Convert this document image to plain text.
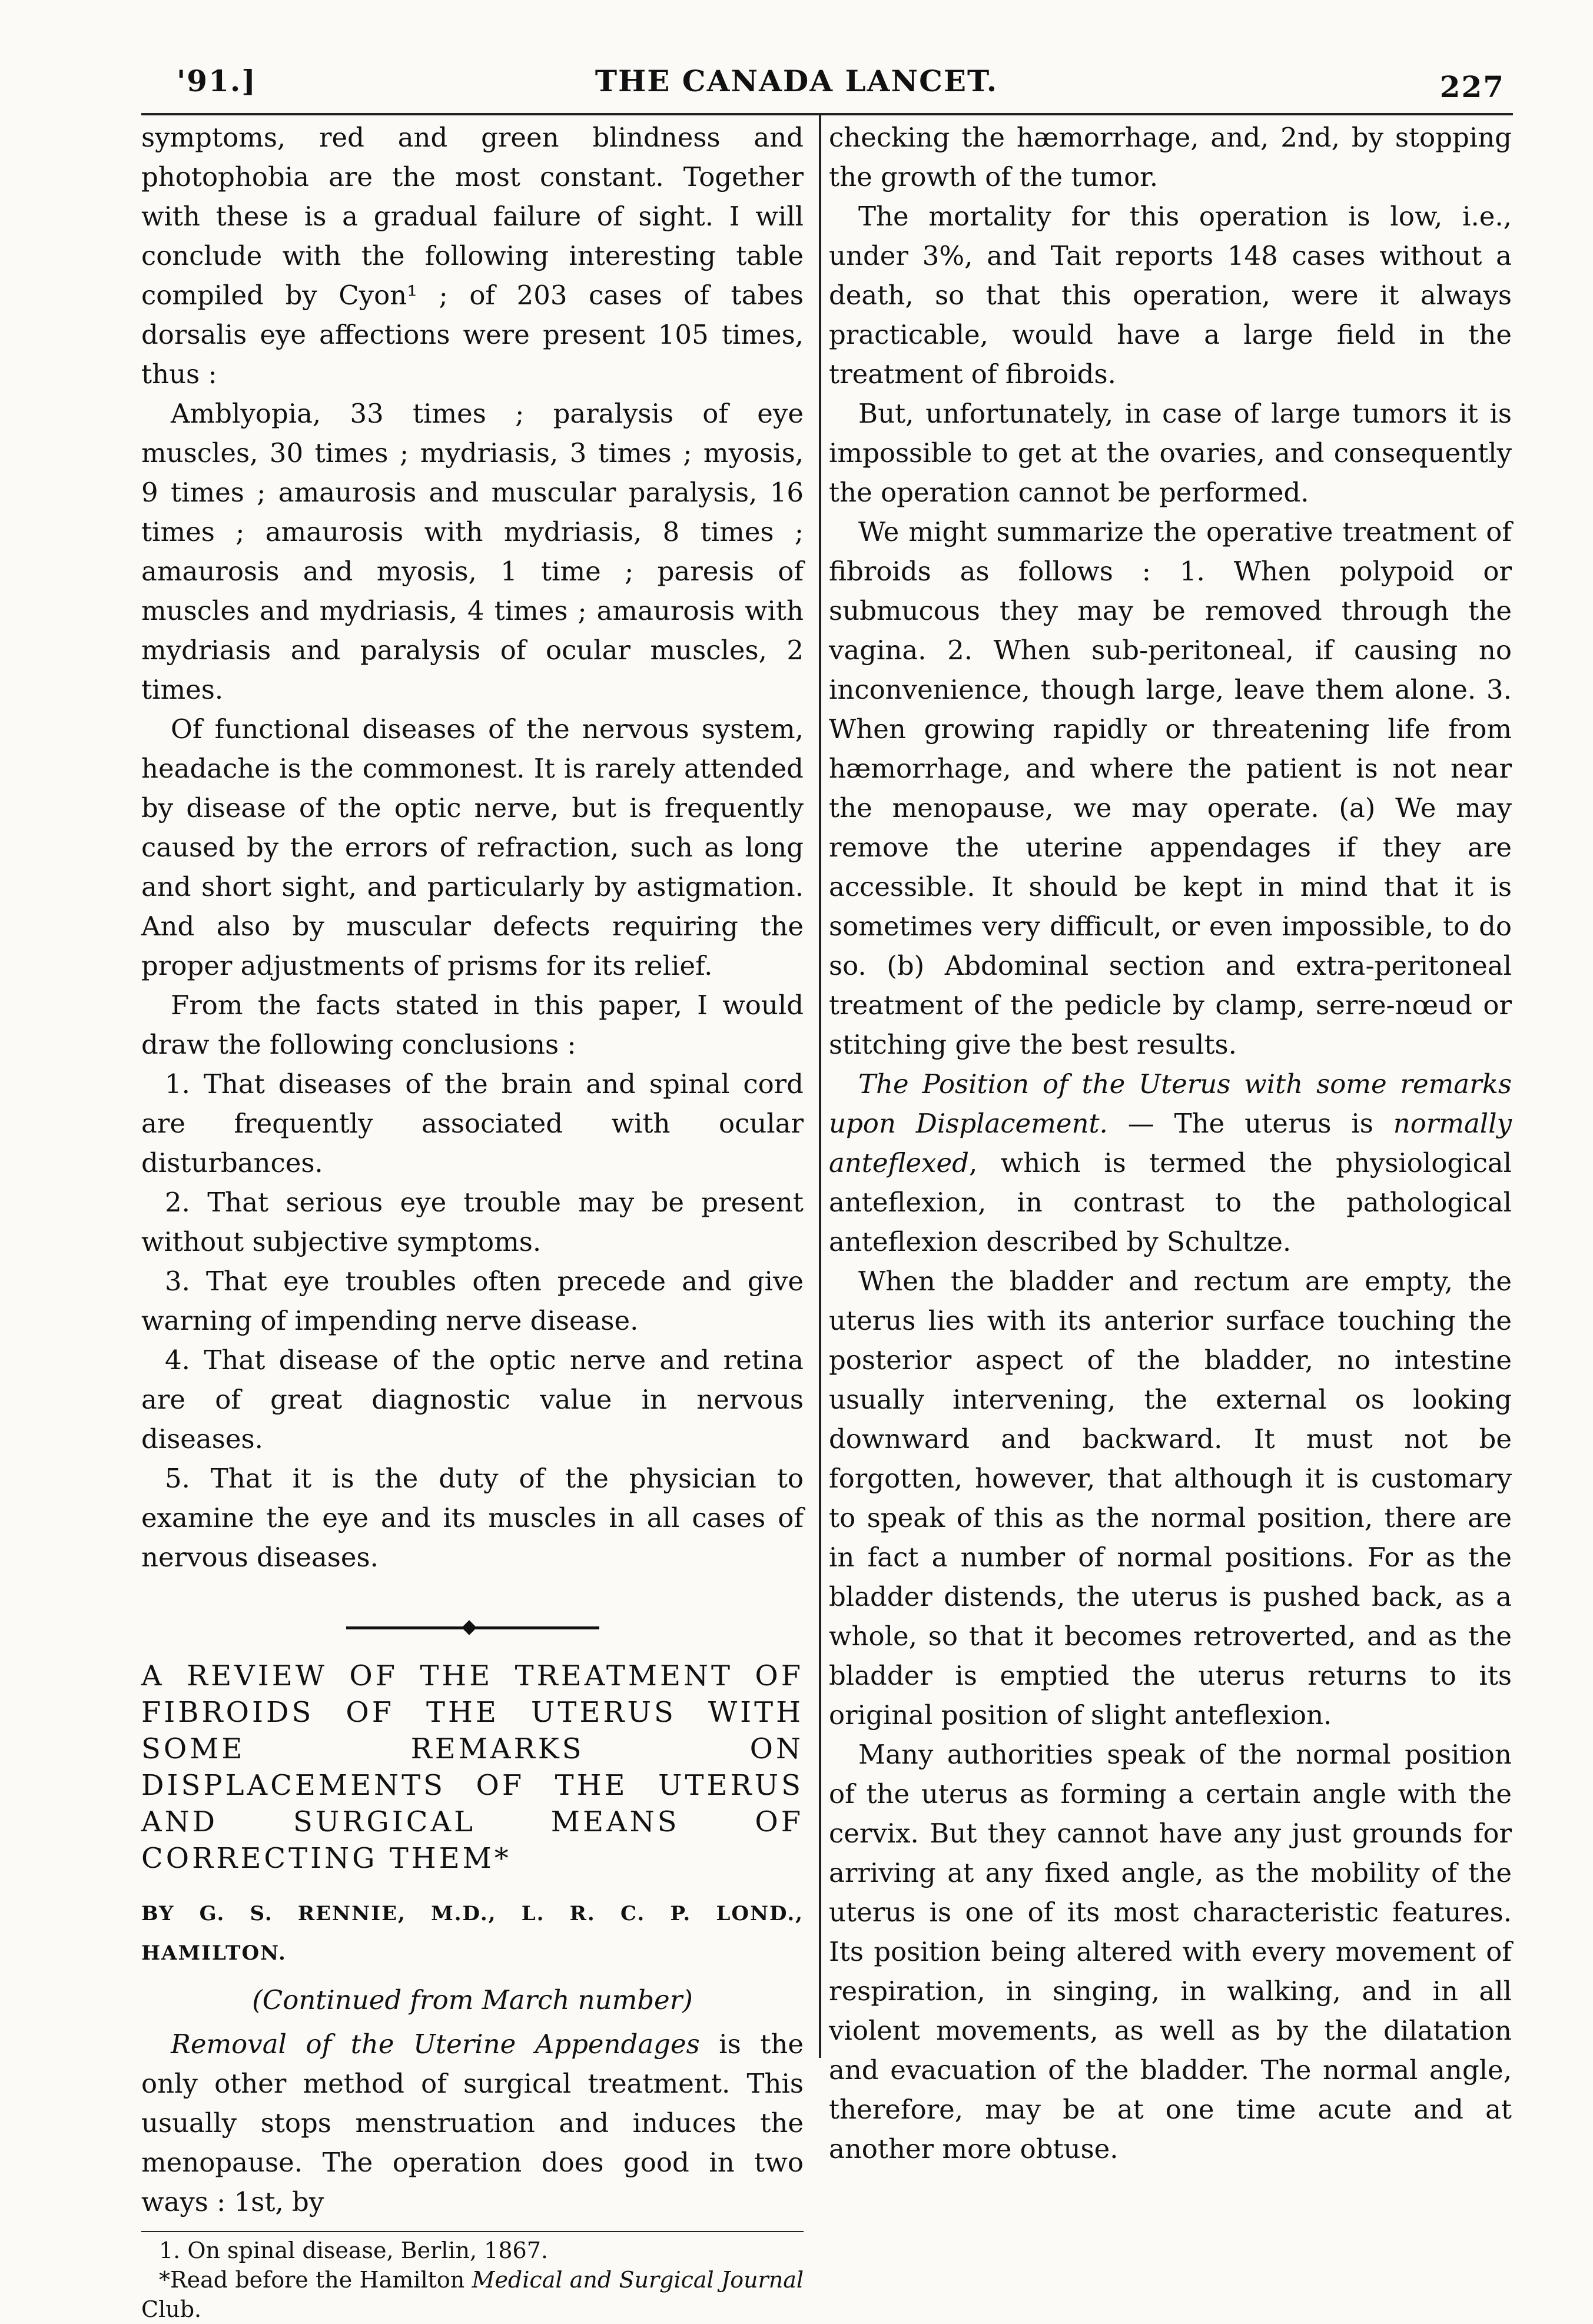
'91.]	THE CANADA LANCET.	227

symptoms, red and green blindness and photophobia are the most constant. Together with these is a gradual failure of sight. I will conclude with the following interesting table compiled by Cyon¹ ; of 203 cases of tabes dorsalis eye affections were present 105 times, thus :

Amblyopia, 33 times ; paralysis of eye muscles, 30 times ; mydriasis, 3 times ; myosis, 9 times ; amaurosis and muscular paralysis, 16 times ; amaurosis with mydriasis, 8 times ; amaurosis and myosis, 1 time ; paresis of muscles and mydriasis, 4 times ; amaurosis with mydriasis and paralysis of ocular muscles, 2 times.

Of functional diseases of the nervous system, headache is the commonest. It is rarely attended by disease of the optic nerve, but is frequently caused by the errors of refraction, such as long and short sight, and particularly by astigmation. And also by muscular defects requiring the proper adjustments of prisms for its relief.

From the facts stated in this paper, I would draw the following conclusions :

1. That diseases of the brain and spinal cord are frequently associated with ocular disturbances.

2. That serious eye trouble may be present without subjective symptoms.

3. That eye troubles often precede and give warning of impending nerve disease.

4. That disease of the optic nerve and retina are of great diagnostic value in nervous diseases.

5. That it is the duty of the physician to examine the eye and its muscles in all cases of nervous diseases.

A REVIEW OF THE TREATMENT OF FIBROIDS OF THE UTERUS WITH SOME REMARKS ON DISPLACEMENTS OF THE UTERUS AND SURGICAL MEANS OF CORRECTING THEM*

BY G. S. RENNIE, M.D., L. R. C. P. LOND., HAMILTON.

(Continued from March number)

Removal of the Uterine Appendages is the only other method of surgical treatment. This usually stops menstruation and induces the menopause. The operation does good in two ways : 1st, by

1. On spinal disease, Berlin, 1867.

*Read before the Hamilton Medical and Surgical Journal Club.

checking the hæmorrhage, and, 2nd, by stopping the growth of the tumor.

The mortality for this operation is low, i.e., under 3%, and Tait reports 148 cases without a death, so that this operation, were it always practicable, would have a large field in the treatment of fibroids.

But, unfortunately, in case of large tumors it is impossible to get at the ovaries, and consequently the operation cannot be performed.

We might summarize the operative treatment of fibroids as follows : 1. When polypoid or submucous they may be removed through the vagina. 2. When sub-peritoneal, if causing no inconvenience, though large, leave them alone. 3. When growing rapidly or threatening life from hæmorrhage, and where the patient is not near the menopause, we may operate. (a) We may remove the uterine appendages if they are accessible. It should be kept in mind that it is sometimes very difficult, or even impossible, to do so. (b) Abdominal section and extra-peritoneal treatment of the pedicle by clamp, serre-nœud or stitching give the best results.

The Position of the Uterus with some remarks upon Displacement. — The uterus is normally anteflexed, which is termed the physiological anteflexion, in contrast to the pathological anteflexion described by Schultze.

When the bladder and rectum are empty, the uterus lies with its anterior surface touching the posterior aspect of the bladder, no intestine usually intervening, the external os looking downward and backward. It must not be forgotten, however, that although it is customary to speak of this as the normal position, there are in fact a number of normal positions. For as the bladder distends, the uterus is pushed back, as a whole, so that it becomes retroverted, and as the bladder is emptied the uterus returns to its original position of slight anteflexion.

Many authorities speak of the normal position of the uterus as forming a certain angle with the cervix. But they cannot have any just grounds for arriving at any fixed angle, as the mobility of the uterus is one of its most characteristic features. Its position being altered with every movement of respiration, in singing, in walking, and in all violent movements, as well as by the dilatation and evacuation of the bladder. The normal angle, therefore, may be at one time acute and at another more obtuse.
